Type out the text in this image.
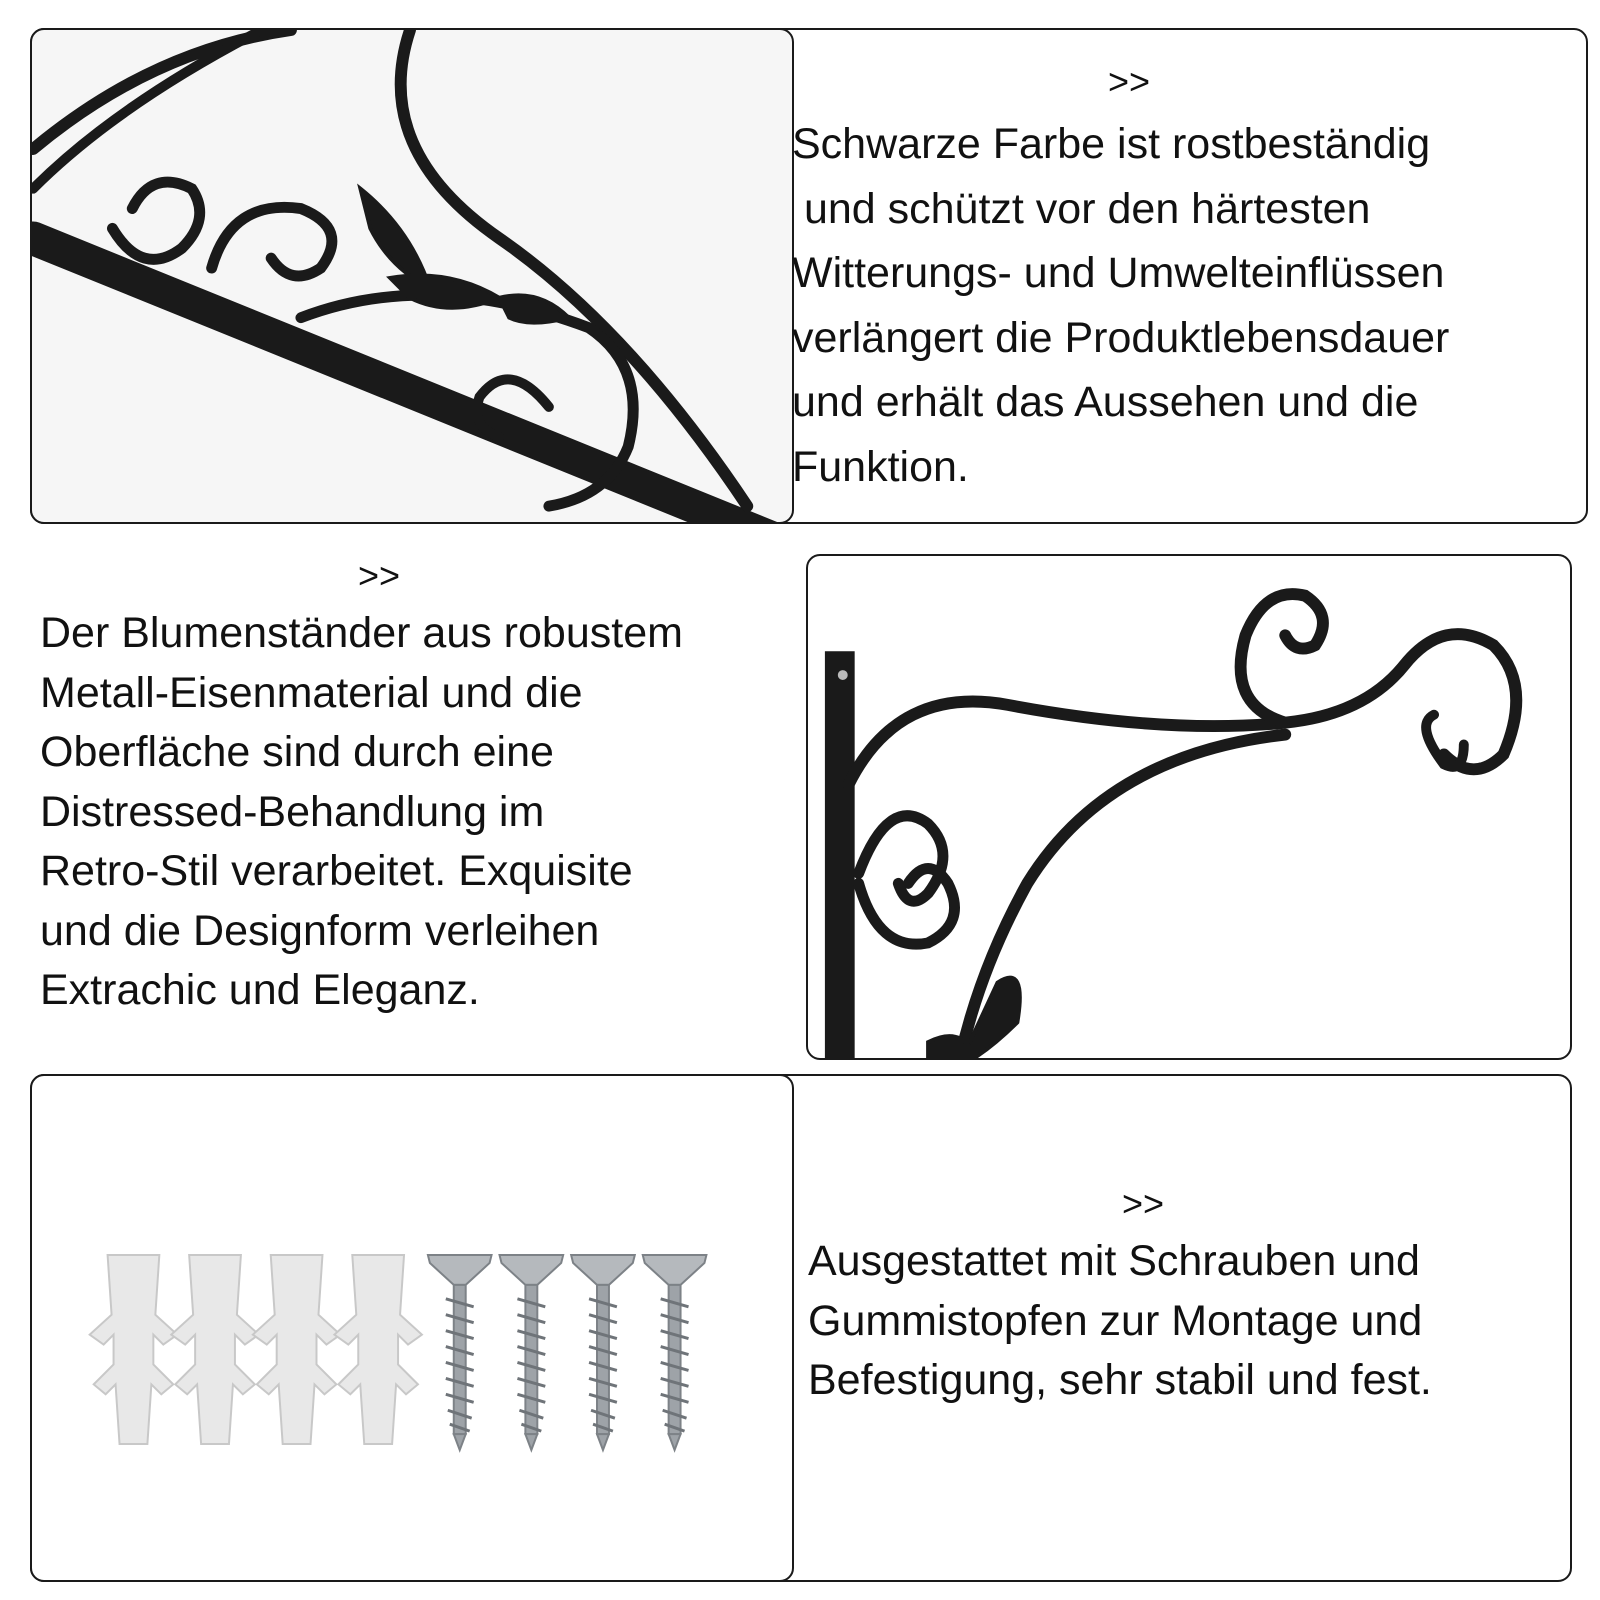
>>
Schwarze Farbe ist rostbeständig
und schützt vor den härtesten
Witterungs- und Umwelteinflüssen
verlängert die Produktlebensdauer
und erhält das Aussehen und die
Funktion.
>>
Der Blumenständer aus robustem
Metall-Eisenmaterial und die
Oberfläche sind durch eine
Distressed-Behandlung im
Retro-Stil verarbeitet. Exquisite
und die Designform verleihen
Extrachic und Eleganz.
>>
Ausgestattet mit Schrauben und
Gummistopfen zur Montage und
Befestigung, sehr stabil und fest.
